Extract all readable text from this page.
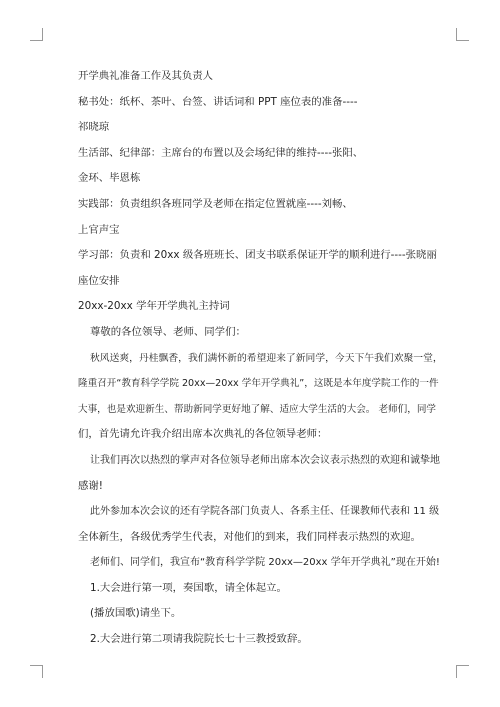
开学典礼准备工作及其负责人

秘书处：纸杯、茶叶、台签、讲话词和 PPT 座位表的准备----

祁晓琼

生活部、纪律部：主席台的布置以及会场纪律的维持----张阳、

金环、毕恩栋

实践部：负责组织各班同学及老师在指定位置就座----刘畅、

上官声宝

学习部：负责和 20xx 级各班班长、团支书联系保证开学的顺利进行----张晓丽

座位安排

20xx-20xx 学年开学典礼主持词

尊敬的各位领导、老师、同学们：

秋风送爽，丹桂飘香，我们满怀新的希望迎来了新同学，今天下午我们欢聚一堂，

隆重召开“教育科学学院 20xx—20xx 学年开学典礼”，这既是本年度学院工作的一件

大事，也是欢迎新生、帮助新同学更好地了解、适应大学生活的大会。 老师们，同学

们，首先请允许我介绍出席本次典礼的各位领导老师：

让我们再次以热烈的掌声对各位领导老师出席本次会议表示热烈的欢迎和诚挚地

感谢!

此外参加本次会议的还有学院各部门负责人、各系主任、任课教师代表和 11 级

全体新生，各级优秀学生代表，对他们的到来，我们同样表示热烈的欢迎。

老师们、同学们，我宣布“教育科学学院 20xx—20xx 学年开学典礼”现在开始!

1.大会进行第一项，奏国歌，请全体起立。

(播放国歌)请坐下。

2.大会进行第二项请我院院长七十三教授致辞。
